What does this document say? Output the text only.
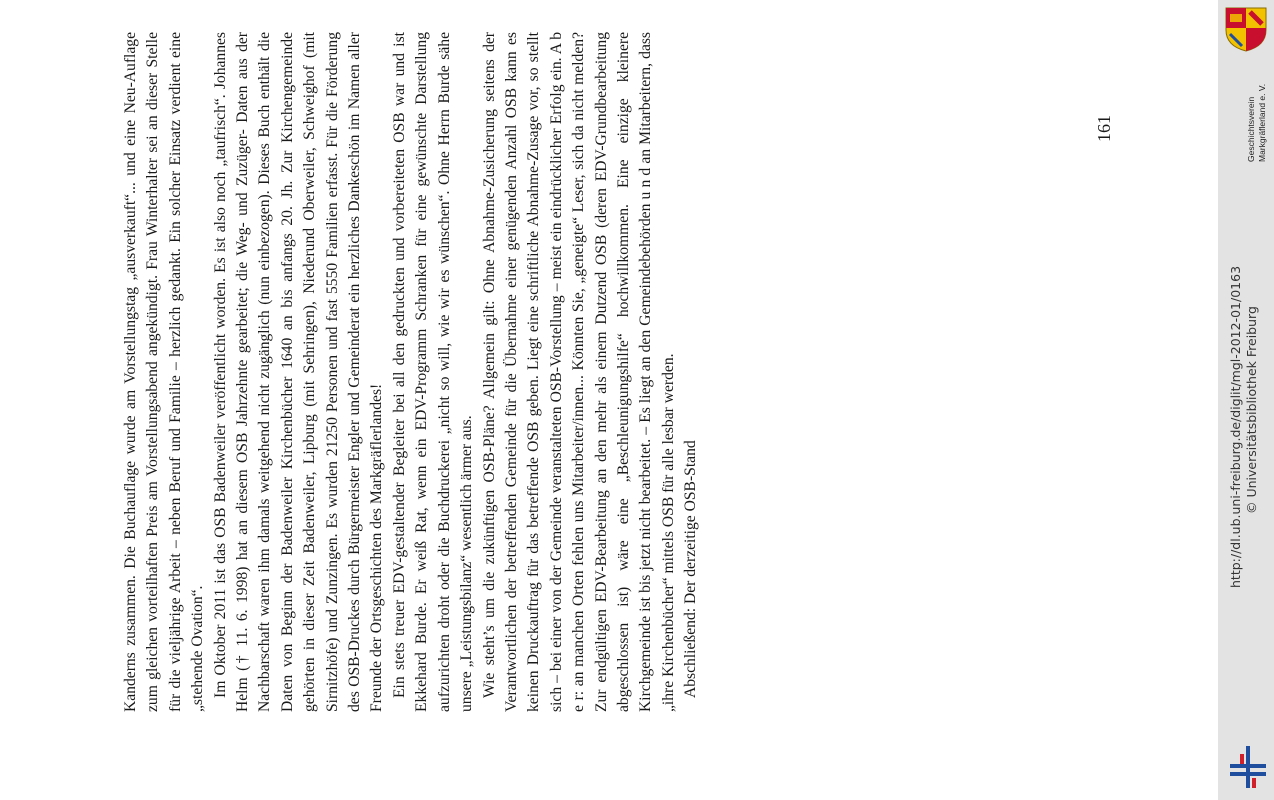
Kanderns zusammen. Die Buchauflage wurde am Vorstellungstag „ausverkauft“... und eine Neu-Auflage zum gleichen vorteilhaften Preis am Vorstellungsabend angekündigt. Frau Winterhalter sei an dieser Stelle für die vieljährige Arbeit – neben Beruf und Familie – herzlich gedankt. Ein solcher Einsatz verdient eine „stehende Ovation“. Im Oktober 2011 ist das OSB Badenweiler veröffentlicht worden. Es ist also noch „taufrisch“. Johannes Helm († 11. 6. 1998) hat an diesem OSB Jahrzehnte gearbeitet; die Weg- und Zuzüger- Daten aus der Nachbarschaft waren ihm damals weitgehend nicht zugänglich (nun einbezogen). Dieses Buch enthält die Daten von Beginn der Badenweiler Kirchenbücher 1640 an bis anfangs 20. Jh. Zur Kirchengemeinde gehörten in dieser Zeit Badenweiler, Lipburg (mit Sehringen), Niederund Oberweiler, Schweighof (mit Sirnitzhöfe) und Zunzingen. Es wurden 21250 Personen und fast 5550 Familien erfasst. Für die Förderung des OSB-Druckes durch Bürgermeister Engler und Gemeinderat ein herzliches Dankeschön im Namen aller Freunde der Ortsgeschichten des Markgräflerlandes! Ein stets treuer EDV-gestaltender Begleiter bei all den gedruckten und vorbereiteten OSB war und ist Ekkehard Burde. Er weiß Rat, wenn ein EDV-Programm Schranken für eine gewünschte Darstellung aufzurichten droht oder die Buchdruckerei „nicht so will, wie wir es wünschen“. Ohne Herrn Burde sähe unsere „Leistungsbilanz“ wesentlich ärmer aus. Wie steht’s um die zukünftigen OSB-Pläne? Allgemein gilt: Ohne Abnahme-Zusicherung seitens der Verantwortlichen der betreffenden Gemeinde für die Übernahme einer genügenden Anzahl OSB kann es keinen Druckauftrag für das betreffende OSB geben. Liegt eine schriftliche Abnahme-Zusage vor, so stellt sich – bei einer von der Gemeinde veranstalteten OSB-Vorstellung – meist ein eindrücklicher Erfolg ein. A b e r: an manchen Orten fehlen uns Mitarbeiter/innen... Könnten Sie, „geneigte“ Leser, sich da nicht melden? Zur endgültigen EDV-Bearbeitung an den mehr als einem Dutzend OSB (deren EDV-Grundbearbeitung abgeschlossen ist) wäre eine „Beschleunigungshilfe“ hochwillkommen. Eine einzige kleinere Kirchgemeinde ist bis jetzt nicht bearbeitet. – Es liegt an den Gemeindebehörden u n d an Mitarbeitern, dass „ihre Kirchenbücher“ mittels OSB für alle lesbar werden. Abschließend: Der derzeitige OSB-Stand

161	Geschichtsverein Markgräflerland e. V.
http://dl.ub.uni-freiburg.de/diglit/mgl-2012-01/0163 © Universitätsbibliothek Freiburg
